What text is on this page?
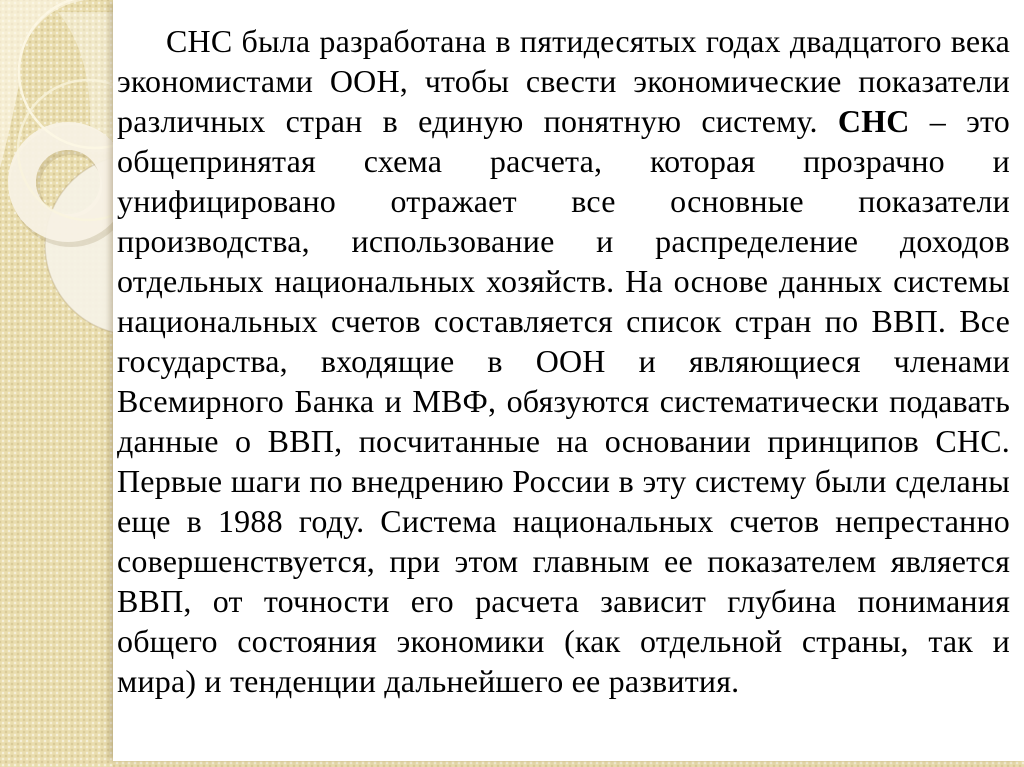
СНС была разработана в пятидесятых годах двадцатого века экономистами ООН, чтобы свести экономические показатели различных стран в единую понятную систему. СНС – это общепринятая схема расчета, которая прозрачно и унифицировано отражает все основные показатели производства, использование и распределение доходов отдельных национальных хозяйств. На основе данных системы национальных счетов составляется список стран по ВВП. Все государства, входящие в ООН и являющиеся членами Всемирного Банка и МВФ, обязуются систематически подавать данные о ВВП, посчитанные на основании принципов СНС. Первые шаги по внедрению России в эту систему были сделаны еще в 1988 году. Система национальных счетов непрестанно совершенствуется, при этом главным ее показателем является ВВП, от точности его расчета зависит глубина понимания общего состояния экономики (как отдельной страны, так и мира) и тенденции дальнейшего ее развития.
